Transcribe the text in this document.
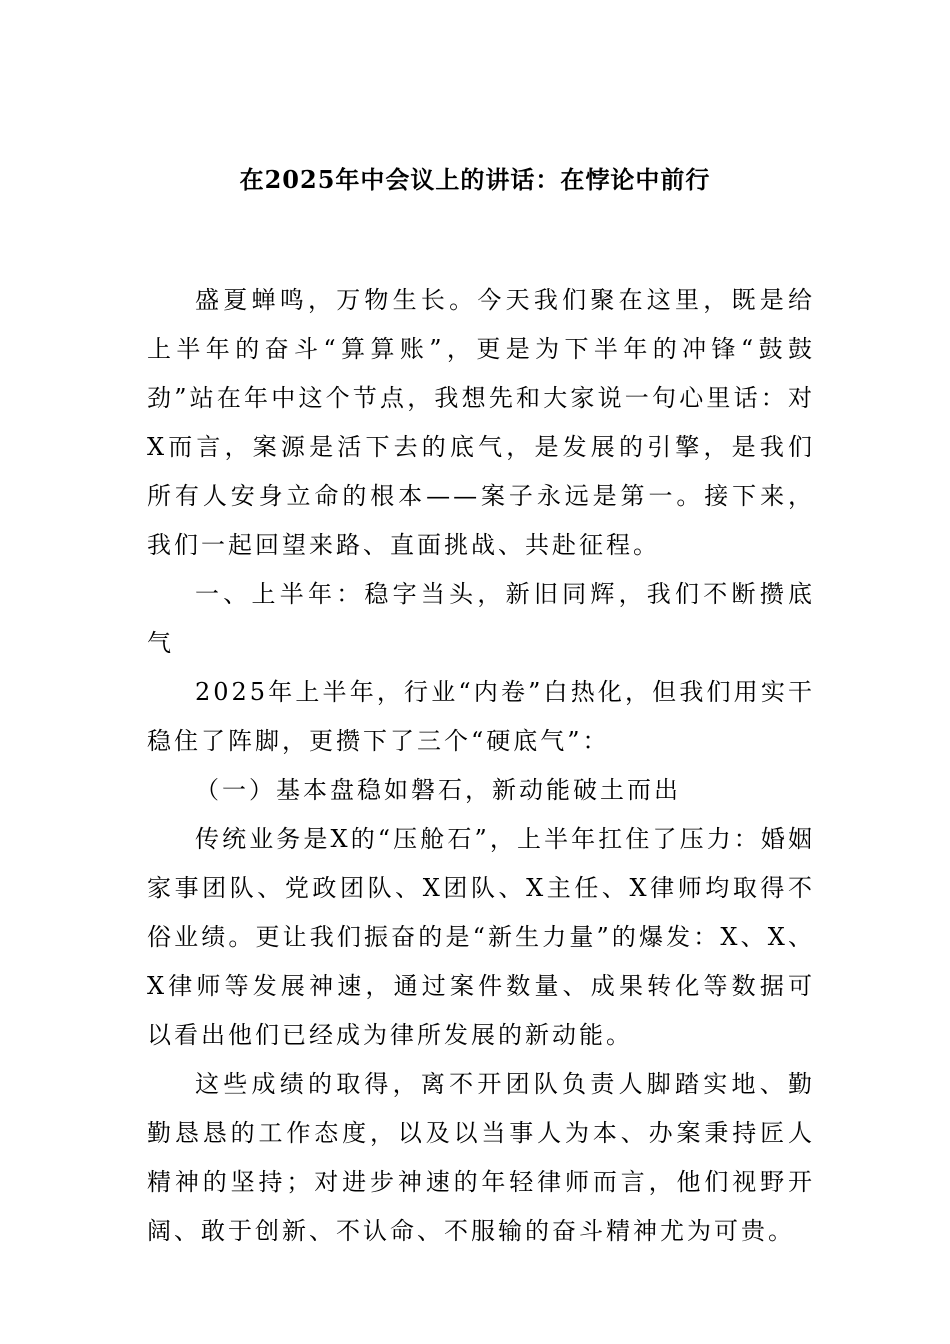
在2025年中会议上的讲话：在悖论中前行

盛夏蝉鸣，万物生长。今天我们聚在这里，既是给上半年的奋斗“算算账”，更是为下半年的冲锋“鼓鼓劲”站在年中这个节点，我想先和大家说一句心里话：对X而言，案源是活下去的底气，是发展的引擎，是我们所有人安身立命的根本——案子永远是第一。接下来，我们一起回望来路、直面挑战、共赴征程。

一、上半年：稳字当头，新旧同辉，我们不断攒底气

2025年上半年，行业“内卷”白热化，但我们用实干稳住了阵脚，更攒下了三个“硬底气”：

（一）基本盘稳如磐石，新动能破土而出

传统业务是X的“压舱石”，上半年扛住了压力：婚姻家事团队、党政团队、X团队、X主任、X律师均取得不俗业绩。更让我们振奋的是“新生力量”的爆发：X、X、X律师等发展神速，通过案件数量、成果转化等数据可以看出他们已经成为律所发展的新动能。

这些成绩的取得，离不开团队负责人脚踏实地、勤勤恳恳的工作态度，以及以当事人为本、办案秉持匠人精神的坚持；对进步神速的年轻律师而言，他们视野开阔、敢于创新、不认命、不服输的奋斗精神尤为可贵。
